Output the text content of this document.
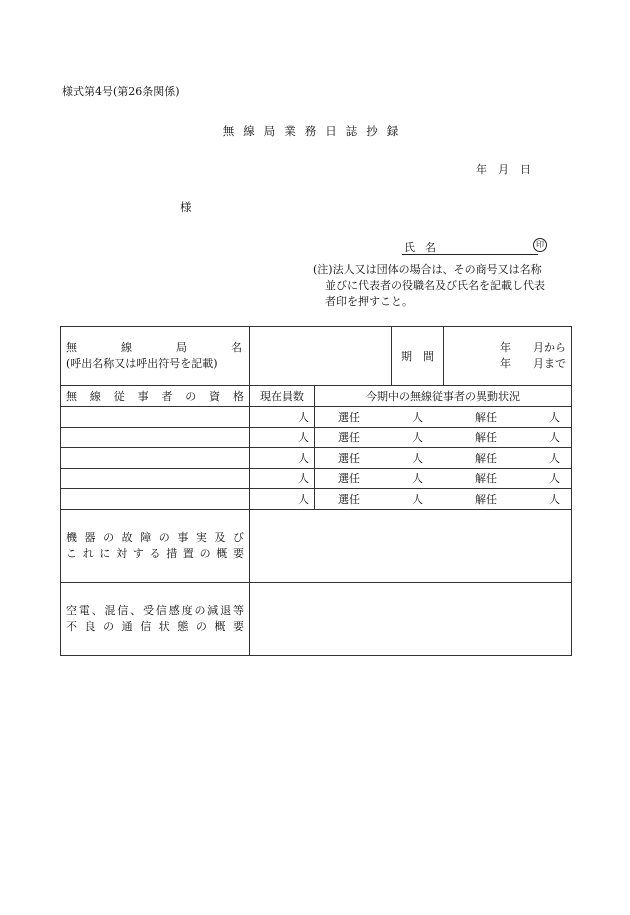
様式第4号(第26条関係)
無線局業務日誌抄録
年　月　日
様
氏名	印
(注)法人又は団体の場合は、その商号又は名称
並びに代表者の役職名及び氏名を記載し代表
者印を押すこと。
無線局名
(呼出名称又は呼出符号を記載)			期　間	年　　月から
年　　月まで

無線従事者の資格	現在員数	今期中の無線従事者の異動状況		
	人	選任 人 解任 人		

	人	選任 人 解任 人		

	人	選任 人 解任 人		

	人	選任 人 解任 人		

	人	選任 人 解任 人		

機器の故障の事実及び
これに対する措置の概要				

空電、混信、受信感度の減退等
不良の通信状態の概要				
